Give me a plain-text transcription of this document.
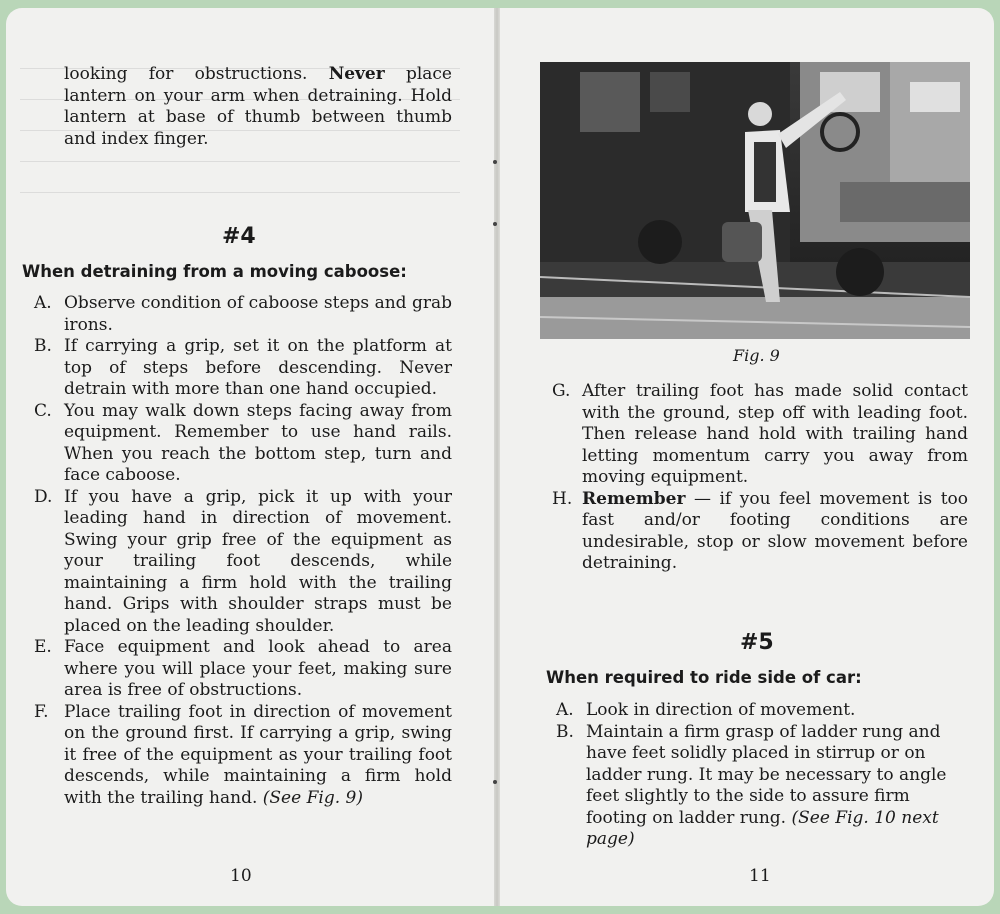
looking for obstructions. Never place lantern on your arm when detraining. Hold lantern at base of thumb between thumb and index finger.

#4
When detraining from a moving caboose:
A. Observe condition of caboose steps and grab irons.
B. If carrying a grip, set it on the platform at top of steps before descending. Never detrain with more than one hand occupied.
C. You may walk down steps facing away from equipment. Remember to use hand rails. When you reach the bottom step, turn and face caboose.
D. If you have a grip, pick it up with your leading hand in direction of movement. Swing your grip free of the equipment as your trailing foot descends, while maintaining a firm hold with the trailing hand. Grips with shoulder straps must be placed on the leading shoulder.
E. Face equipment and look ahead to area where you will place your feet, making sure area is free of obstructions.
F. Place trailing foot in direction of movement on the ground first. If carrying a grip, swing it free of the equipment as your trailing foot descends, while maintaining a firm hold with the trailing hand. (See Fig. 9)
10
Fig. 9
G. After trailing foot has made solid contact with the ground, step off with leading foot. Then release hand hold with trailing hand letting momentum carry you away from moving equipment.
H. Remember — if you feel movement is too fast and/or footing conditions are undesirable, stop or slow movement before detraining.
#5
When required to ride side of car:
A. Look in direction of movement.
B. Maintain a firm grasp of ladder rung and have feet solidly placed in stirrup or on ladder rung. It may be necessary to angle feet slightly to the side to assure firm footing on ladder rung. (See Fig. 10 next page)
11
